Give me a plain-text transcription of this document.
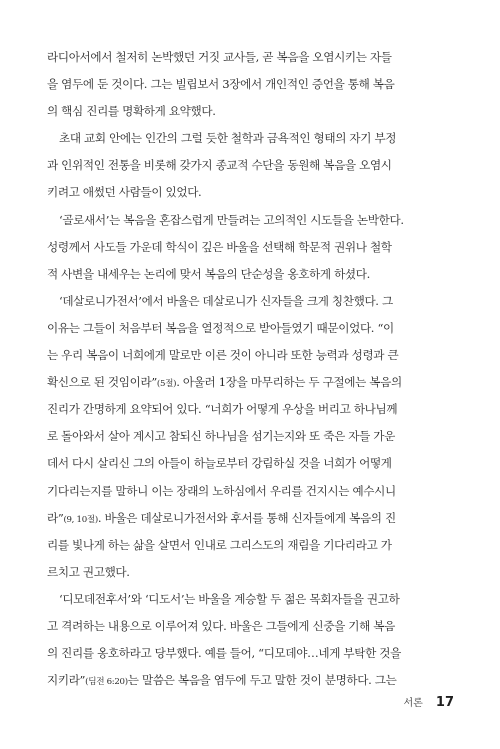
라디아서에서 철저히 논박했던 거짓 교사들, 곧 복음을 오염시키는 자들
을 염두에 둔 것이다. 그는 빌립보서 3장에서 개인적인 증언을 통해 복음
의 핵심 진리를 명확하게 요약했다.
초대 교회 안에는 인간의 그럴 듯한 철학과 금욕적인 형태의 자기 부정
과 인위적인 전통을 비롯해 갖가지 종교적 수단을 동원해 복음을 오염시
키려고 애썼던 사람들이 있었다.
‘골로새서’는 복음을 혼잡스럽게 만들려는 고의적인 시도들을 논박한다.
성령께서 사도들 가운데 학식이 깊은 바울을 선택해 학문적 권위나 철학
적 사변을 내세우는 논리에 맞서 복음의 단순성을 옹호하게 하셨다.
‘데살로니가전서’에서 바울은 데살로니가 신자들을 크게 칭찬했다. 그
이유는 그들이 처음부터 복음을 열정적으로 받아들였기 때문이었다. “이
는 우리 복음이 너희에게 말로만 이른 것이 아니라 또한 능력과 성령과 큰
확신으로 된 것임이라”(5절). 아울러 1장을 마무리하는 두 구절에는 복음의
진리가 간명하게 요약되어 있다. “너희가 어떻게 우상을 버리고 하나님께
로 돌아와서 살아 계시고 참되신 하나님을 섬기는지와 또 죽은 자들 가운
데서 다시 살리신 그의 아들이 하늘로부터 강림하실 것을 너희가 어떻게
기다리는지를 말하니 이는 장래의 노하심에서 우리를 건지시는 예수시니
라”(9, 10절). 바울은 데살로니가전서와 후서를 통해 신자들에게 복음의 진
리를 빛나게 하는 삶을 살면서 인내로 그리스도의 재림을 기다리라고 가
르치고 권고했다.
‘디모데전후서’와 ‘디도서’는 바울을 계승할 두 젊은 목회자들을 권고하
고 격려하는 내용으로 이루어져 있다. 바울은 그들에게 신중을 기해 복음
의 진리를 옹호하라고 당부했다. 예를 들어, “디모데야…네게 부탁한 것을
지키라”(딤전 6:20)는 말씀은 복음을 염두에 두고 말한 것이 분명하다. 그는
서론 17
